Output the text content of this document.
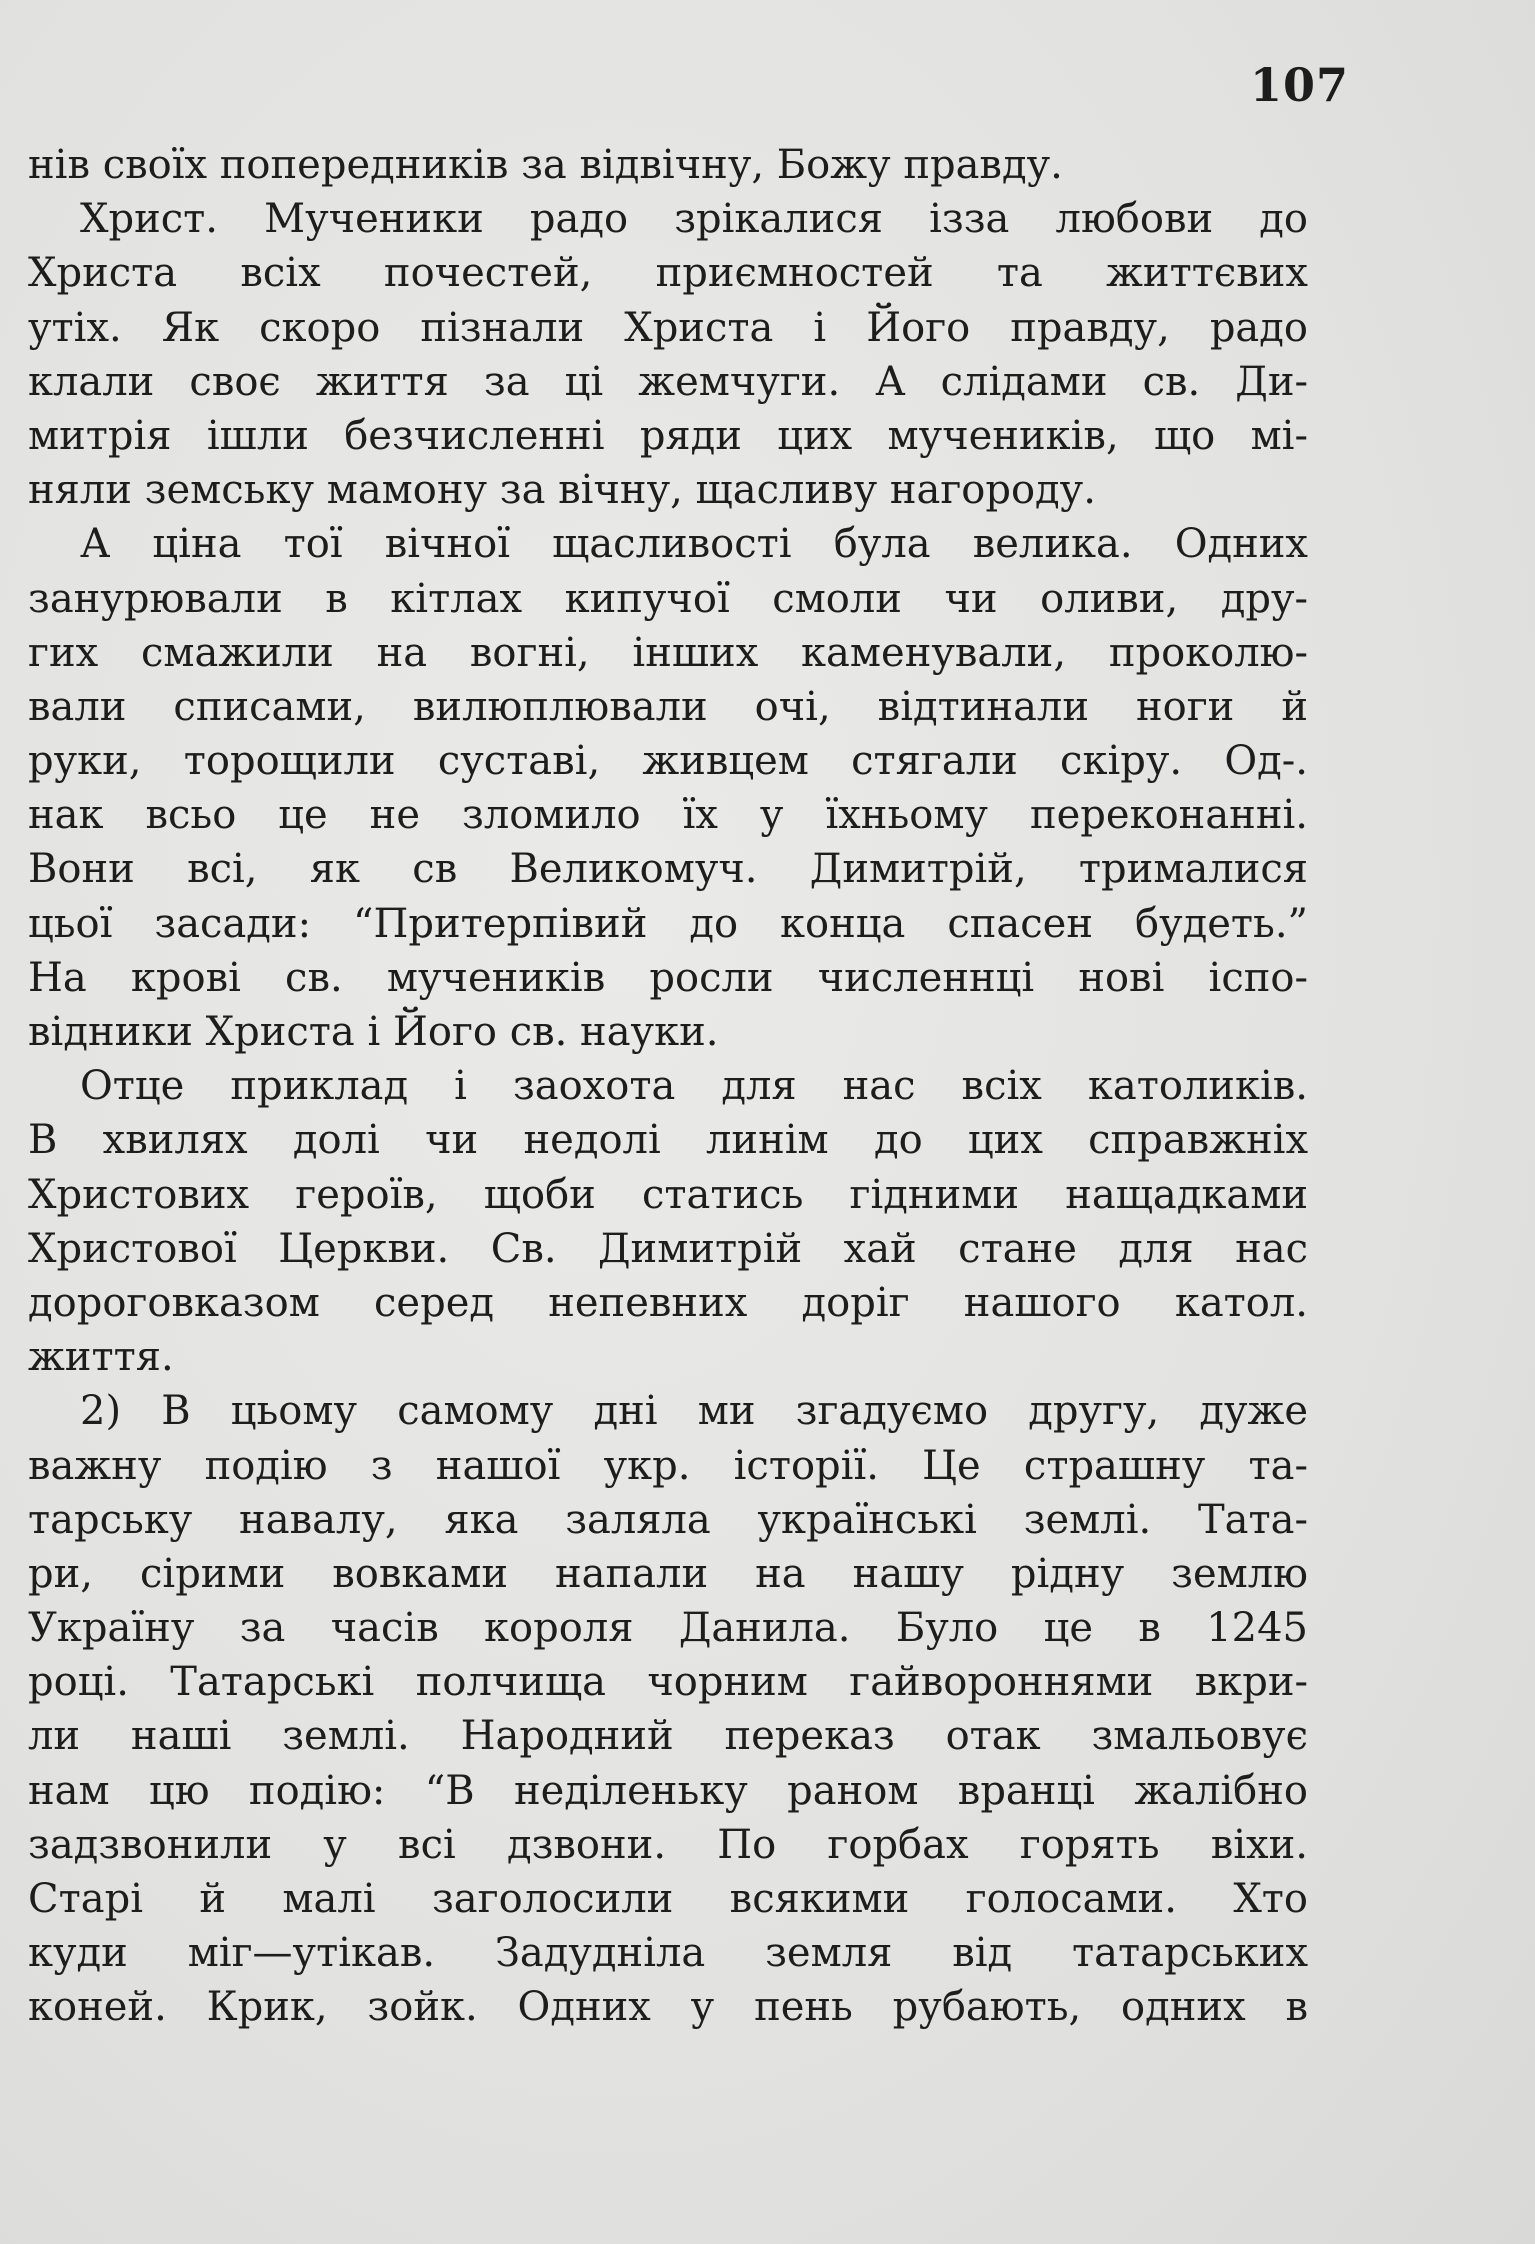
107
нів своїх попередників за відвічну, Божу правду.
Христ. Мученики радо зрікалися іззa любови до
Христа всіх почестей, приємностей та життєвих
утіх. Як скоро пізнали Христа і Його правду, радо
клали своє життя за ці жемчуги. А слідами св. Ди-
митрія ішли безчисленні ряди цих мучеників, що мі-
няли земську мамону за вічну, щасливу нагороду.
А ціна тої вічної щасливості була велика. Одних
занурювали в кітлах кипучої смоли чи оливи, дру-
гих смажили на вогні, інших каменували, проколю-
вали списами, вилюплювали очі, відтинали ноги й
руки, торощили суставі, живцем стягали скіру. Од-.
нак всьо це не зломило їх у їхньому переконанні.
Вони всі, як св Великомуч. Димитрій, трималися
цьої засади: “Притерпівий до конца спасен будеть.”
На крові св. мучеників росли численнці нові іспо-
відники Христа і Його св. науки.
Отце приклад і заохота для нас всіх католиків.
В хвилях долі чи недолі линім до цих справжніх
Христових героїв, щоби статись гідними нащадками
Христової Церкви. Св. Димитрій хай стане для нас
дороговказом серед непевних доріг нашого катол.
життя.
2) В цьому самому дні ми згадуємо другу, дуже
важну подію з нашої укр. історії. Це страшну та-
тарську навалу, яка заляла українські землі. Тата-
ри, сірими вовками напали на нашу рідну землю
Україну за часів короля Данила. Було це в 1245
році. Татарські полчища чорним гайвороннями вкри-
ли наші землі. Народний переказ отак змальовує
нам цю подію: “В неділеньку раном вранці жалібно
задзвонили у всі дзвони. По горбах горять віхи.
Старі й малі заголосили всякими голосами. Хто
куди міг—утікав. Задудніла земля від татарських
коней. Крик, зойк. Одних у пень рубають, одних в
